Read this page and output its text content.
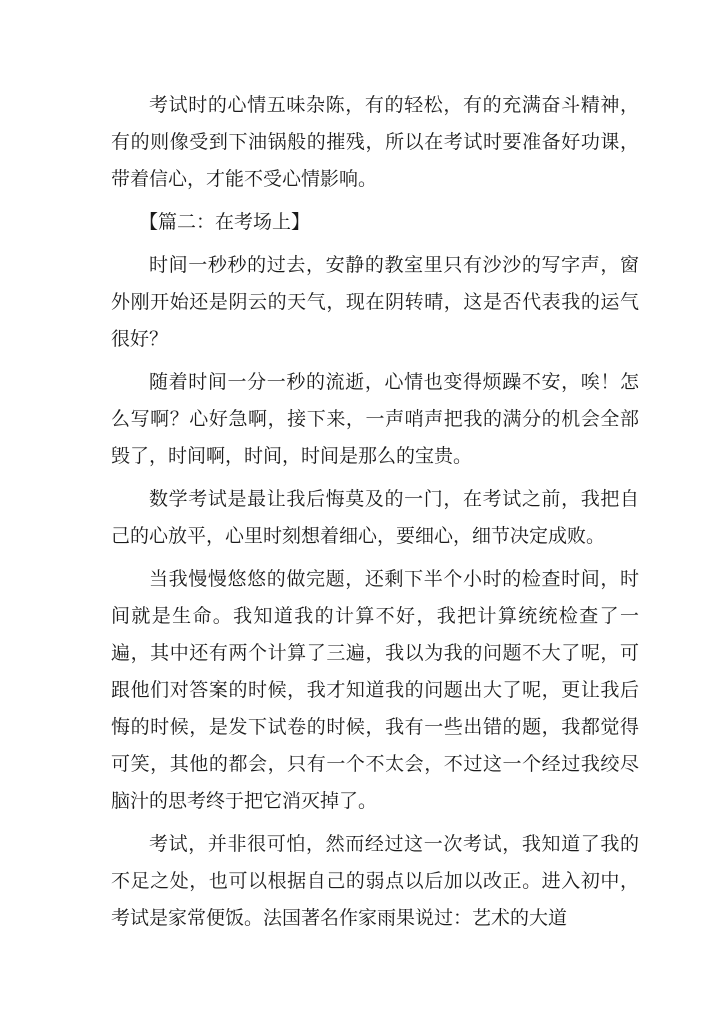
考试时的心情五味杂陈，有的轻松，有的充满奋斗精神，有的则像受到下油锅般的摧残，所以在考试时要准备好功课，带着信心，才能不受心情影响。

【篇二：在考场上】

时间一秒秒的过去，安静的教室里只有沙沙的写字声，窗外刚开始还是阴云的天气，现在阴转晴，这是否代表我的运气很好？

随着时间一分一秒的流逝，心情也变得烦躁不安，唉！怎么写啊？心好急啊，接下来，一声哨声把我的满分的机会全部毁了，时间啊，时间，时间是那么的宝贵。

数学考试是最让我后悔莫及的一门，在考试之前，我把自己的心放平，心里时刻想着细心，要细心，细节决定成败。

当我慢慢悠悠的做完题，还剩下半个小时的检查时间，时间就是生命。我知道我的计算不好，我把计算统统检查了一遍，其中还有两个计算了三遍，我以为我的问题不大了呢，可跟他们对答案的时候，我才知道我的问题出大了呢，更让我后悔的时候，是发下试卷的时候，我有一些出错的题，我都觉得可笑，其他的都会，只有一个不太会，不过这一个经过我绞尽脑汁的思考终于把它消灭掉了。

考试，并非很可怕，然而经过这一次考试，我知道了我的不足之处，也可以根据自己的弱点以后加以改正。进入初中，考试是家常便饭。法国著名作家雨果说过：艺术的大道
